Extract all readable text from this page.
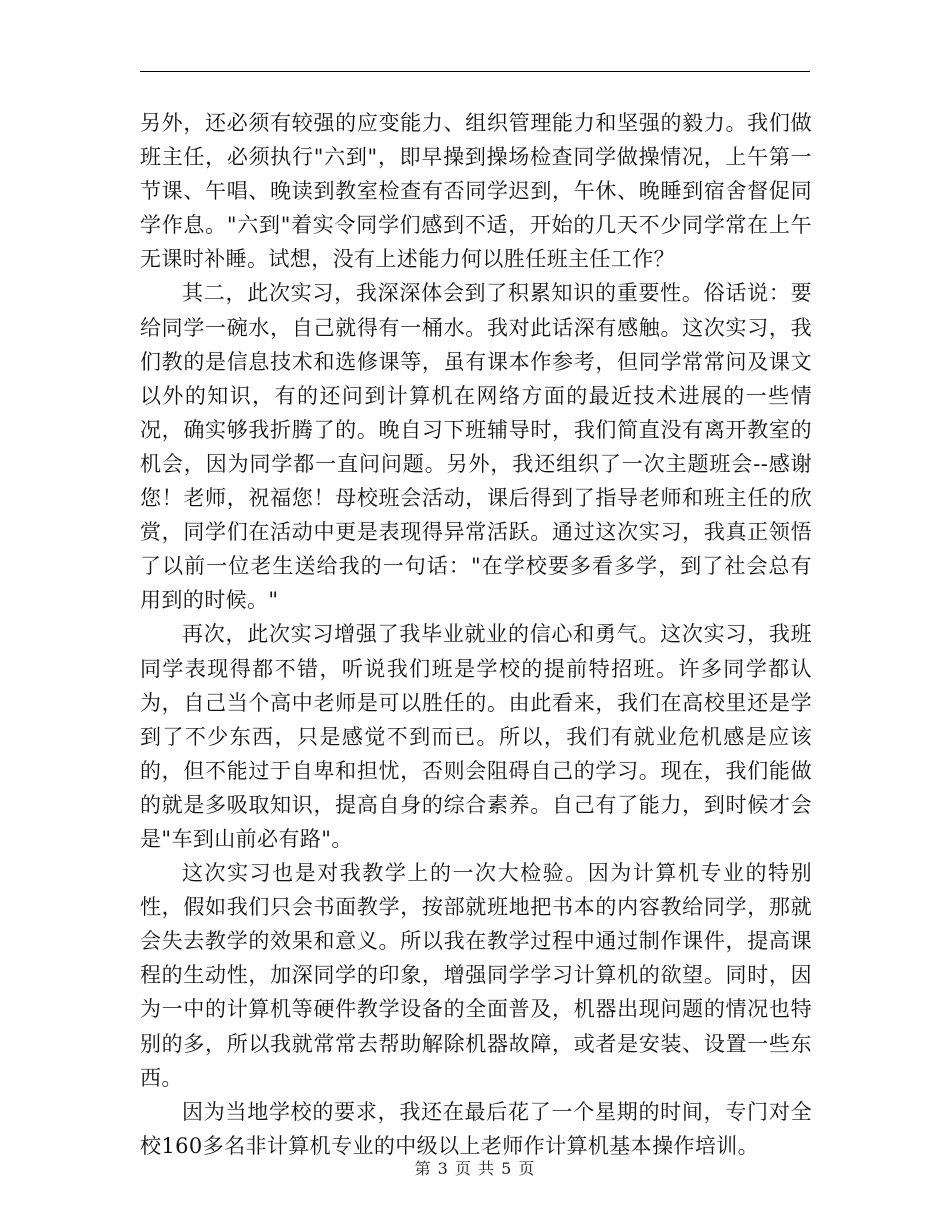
另外，还必须有较强的应变能力、组织管理能力和坚强的毅力。我们做班主任，必须执行"六到"，即早操到操场检查同学做操情况，上午第一节课、午唱、晚读到教室检查有否同学迟到，午休、晚睡到宿舍督促同学作息。"六到"着实令同学们感到不适，开始的几天不少同学常在上午无课时补睡。试想，没有上述能力何以胜任班主任工作？

其二，此次实习，我深深体会到了积累知识的重要性。俗话说：要给同学一碗水，自己就得有一桶水。我对此话深有感触。这次实习，我们教的是信息技术和选修课等，虽有课本作参考，但同学常常问及课文以外的知识，有的还问到计算机在网络方面的最近技术进展的一些情况，确实够我折腾了的。晚自习下班辅导时，我们简直没有离开教室的机会，因为同学都一直问问题。另外，我还组织了一次主题班会--感谢您！老师，祝福您！母校班会活动，课后得到了指导老师和班主任的欣赏，同学们在活动中更是表现得异常活跃。通过这次实习，我真正领悟了以前一位老生送给我的一句话："在学校要多看多学，到了社会总有用到的时候。"

再次，此次实习增强了我毕业就业的信心和勇气。这次实习，我班同学表现得都不错，听说我们班是学校的提前特招班。许多同学都认为，自己当个高中老师是可以胜任的。由此看来，我们在高校里还是学到了不少东西，只是感觉不到而已。所以，我们有就业危机感是应该的，但不能过于自卑和担忧，否则会阻碍自己的学习。现在，我们能做的就是多吸取知识，提高自身的综合素养。自己有了能力，到时候才会是"车到山前必有路"。

这次实习也是对我教学上的一次大检验。因为计算机专业的特别性，假如我们只会书面教学，按部就班地把书本的内容教给同学，那就会失去教学的效果和意义。所以我在教学过程中通过制作课件，提高课程的生动性，加深同学的印象，增强同学学习计算机的欲望。同时，因为一中的计算机等硬件教学设备的全面普及，机器出现问题的情况也特别的多，所以我就常常去帮助解除机器故障，或者是安装、设置一些东西。

因为当地学校的要求，我还在最后花了一个星期的时间，专门对全校160多名非计算机专业的中级以上老师作计算机基本操作培训。

第 3 页 共 5 页
